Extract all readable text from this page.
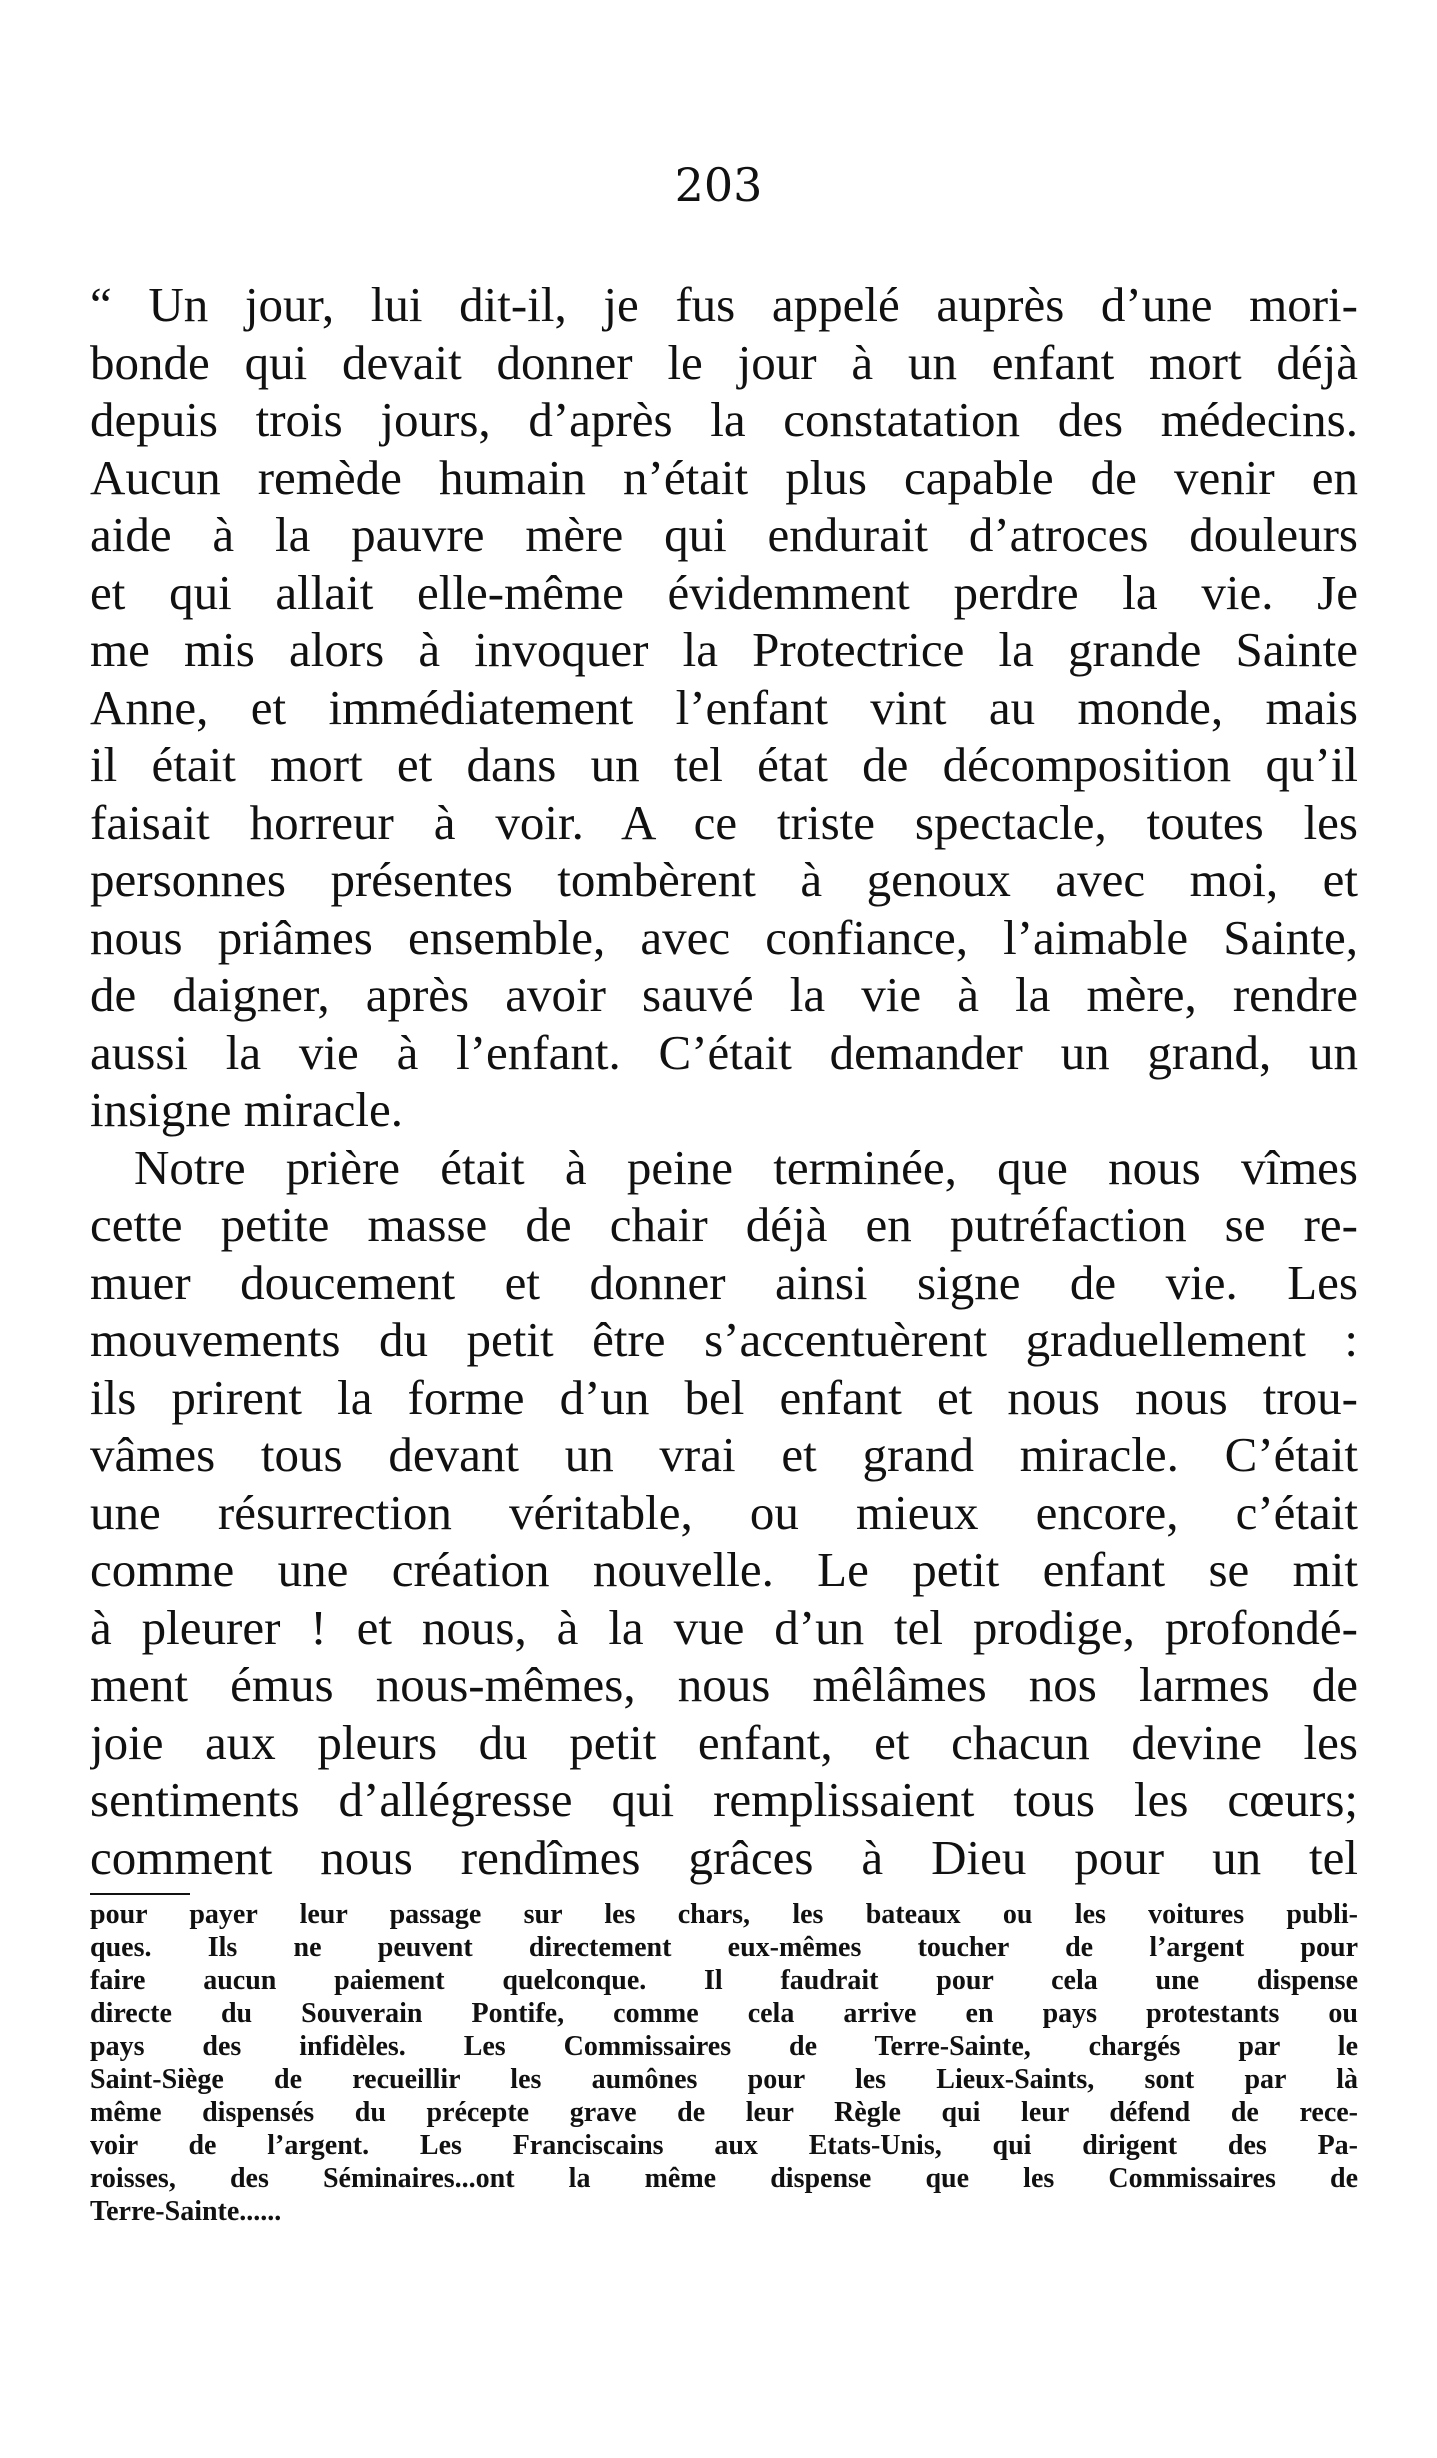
203
“ Un jour, lui dit-il, je fus appelé auprès d’une mori-
bonde qui devait donner le jour à un enfant mort déjà
depuis trois jours, d’après la constatation des médecins.
Aucun remède humain n’était plus capable de venir en
aide à la pauvre mère qui endurait d’atroces douleurs
et qui allait elle-même évidemment perdre la vie. Je
me mis alors à invoquer la Protectrice la grande Sainte
Anne, et immédiatement l’enfant vint au monde, mais
il était mort et dans un tel état de décomposition qu’il
faisait horreur à voir. A ce triste spectacle, toutes les
personnes présentes tombèrent à genoux avec moi, et
nous priâmes ensemble, avec confiance, l’aimable Sainte,
de daigner, après avoir sauvé la vie à la mère, rendre
aussi la vie à l’enfant. C’était demander un grand, un
insigne miracle.
Notre prière était à peine terminée, que nous vîmes
cette petite masse de chair déjà en putréfaction se re-
muer doucement et donner ainsi signe de vie. Les
mouvements du petit être s’accentuèrent graduellement :
ils prirent la forme d’un bel enfant et nous nous trou-
vâmes tous devant un vrai et grand miracle. C’était
une résurrection véritable, ou mieux encore, c’était
comme une création nouvelle. Le petit enfant se mit
à pleurer ! et nous, à la vue d’un tel prodige, profondé-
ment émus nous-mêmes, nous mêlâmes nos larmes de
joie aux pleurs du petit enfant, et chacun devine les
sentiments d’allégresse qui remplissaient tous les cœurs;
comment nous rendîmes grâces à Dieu pour un tel
pour payer leur passage sur les chars, les bateaux ou les voitures publi-
ques. Ils ne peuvent directement eux-mêmes toucher de l’argent pour
faire aucun paiement quelconque. Il faudrait pour cela une dispense
directe du Souverain Pontife, comme cela arrive en pays protestants ou
pays des infidèles. Les Commissaires de Terre-Sainte, chargés par le
Saint-Siège de recueillir les aumônes pour les Lieux-Saints, sont par là
même dispensés du précepte grave de leur Règle qui leur défend de rece-
voir de l’argent. Les Franciscains aux Etats-Unis, qui dirigent des Pa-
roisses, des Séminaires...ont la même dispense que les Commissaires de
Terre-Sainte......
